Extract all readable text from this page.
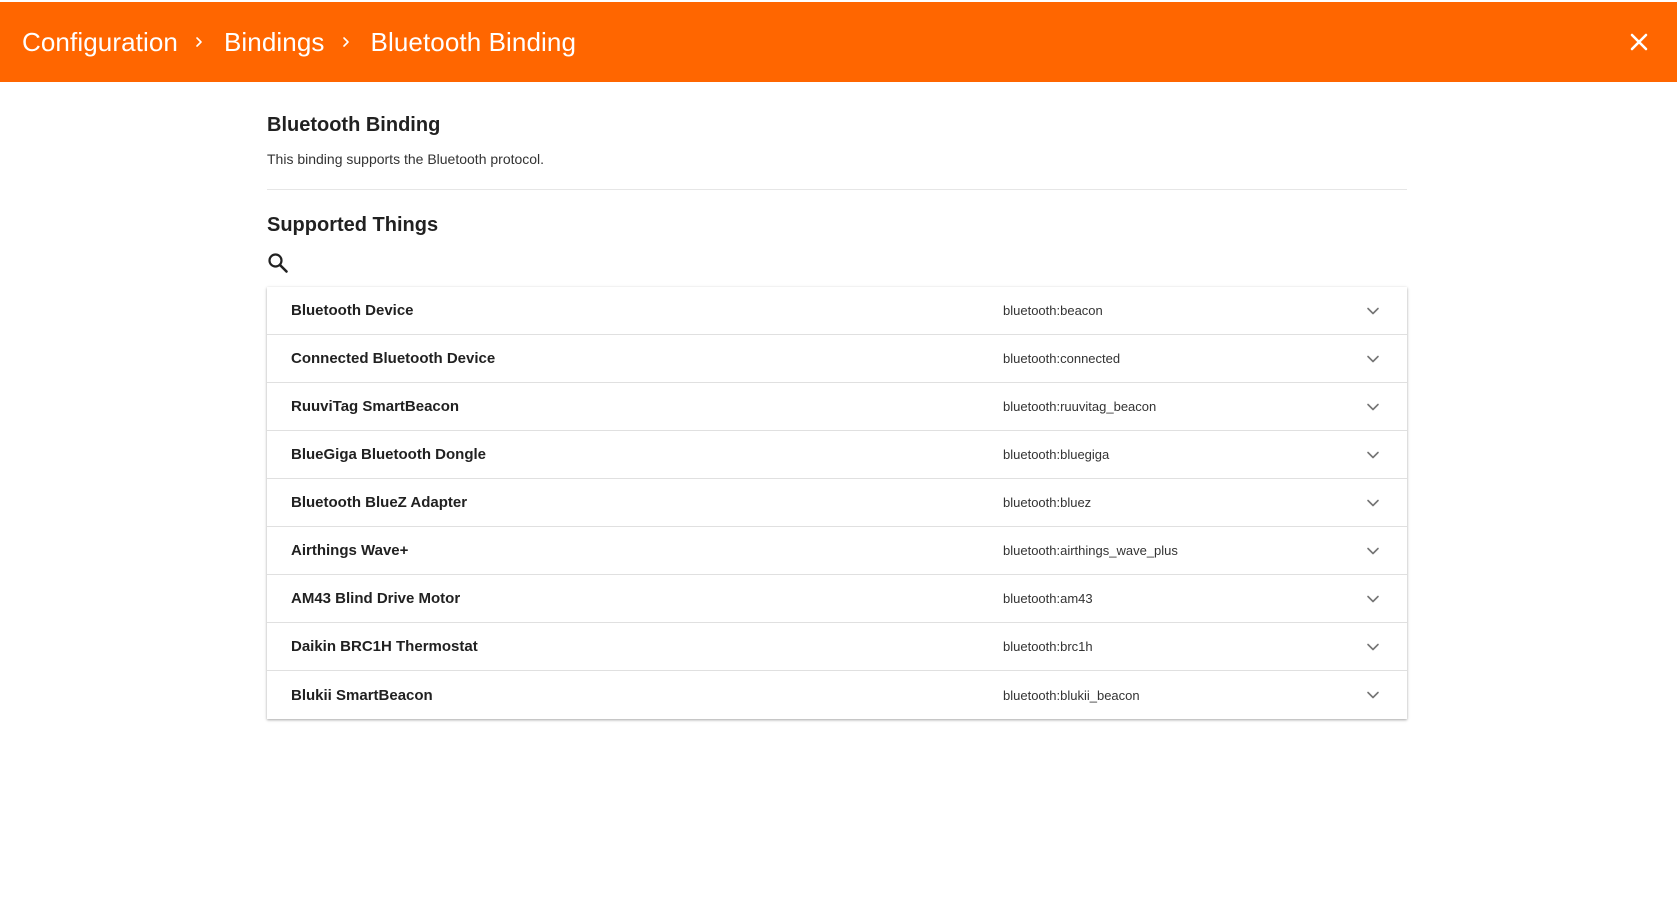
Configuration Bindings Bluetooth Binding
Bluetooth Binding
This binding supports the Bluetooth protocol.
Supported Things
Bluetooth Device	bluetooth:beacon
Connected Bluetooth Device	bluetooth:connected
RuuviTag SmartBeacon	bluetooth:ruuvitag_beacon
BlueGiga Bluetooth Dongle	bluetooth:bluegiga
Bluetooth BlueZ Adapter	bluetooth:bluez
Airthings Wave+	bluetooth:airthings_wave_plus
AM43 Blind Drive Motor	bluetooth:am43
Daikin BRC1H Thermostat	bluetooth:brc1h
Blukii SmartBeacon	bluetooth:blukii_beacon
